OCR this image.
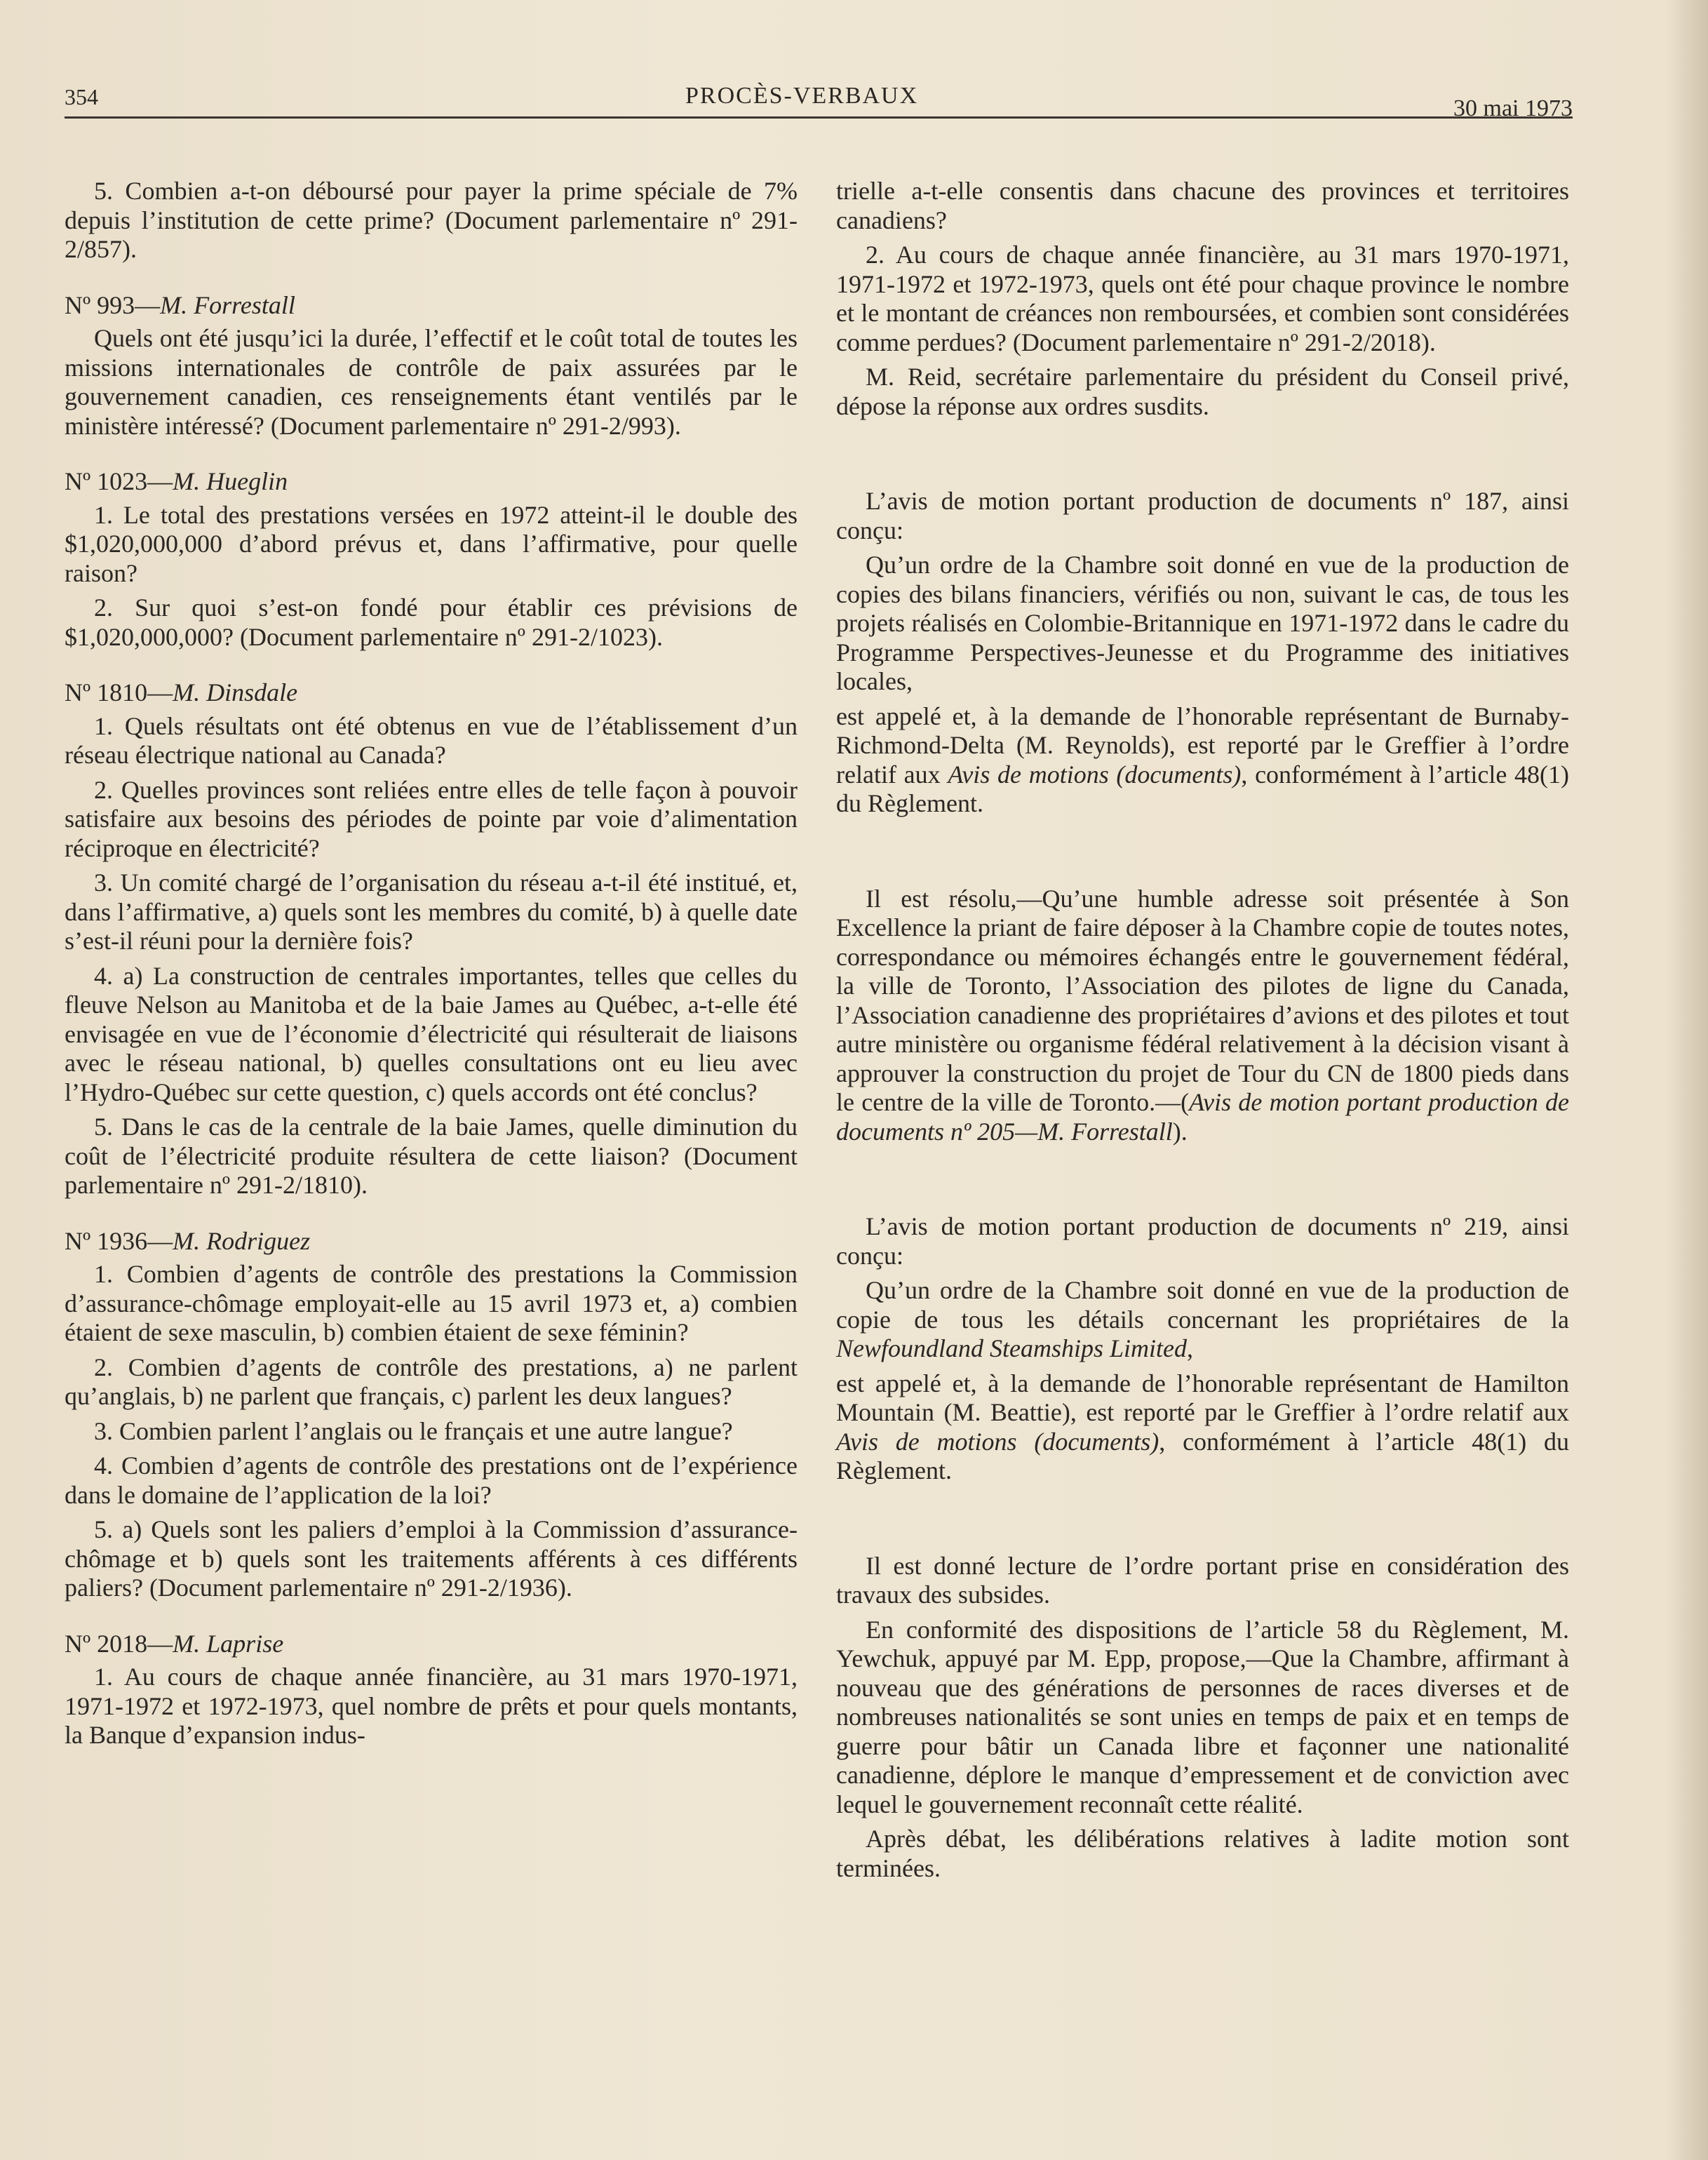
354	PROCÈS-VERBAUX	30 mai 1973

5. Combien a-t-on déboursé pour payer la prime spéciale de 7% depuis l’institution de cette prime? (Document parlementaire nº 291-2/857).

Nº 993—M. Forrestall

Quels ont été jusqu’ici la durée, l’effectif et le coût total de toutes les missions internationales de contrôle de paix assurées par le gouvernement canadien, ces renseignements étant ventilés par le ministère intéressé? (Document parlementaire nº 291-2/993).

Nº 1023—M. Hueglin

1. Le total des prestations versées en 1972 atteint-il le double des $1,020,000,000 d’abord prévus et, dans l’affirmative, pour quelle raison?

2. Sur quoi s’est-on fondé pour établir ces prévisions de $1,020,000,000? (Document parlementaire nº 291-2/1023).

Nº 1810—M. Dinsdale

1. Quels résultats ont été obtenus en vue de l’établissement d’un réseau électrique national au Canada?

2. Quelles provinces sont reliées entre elles de telle façon à pouvoir satisfaire aux besoins des périodes de pointe par voie d’alimentation réciproque en électricité?

3. Un comité chargé de l’organisation du réseau a-t-il été institué, et, dans l’affirmative, a) quels sont les membres du comité, b) à quelle date s’est-il réuni pour la dernière fois?

4. a) La construction de centrales importantes, telles que celles du fleuve Nelson au Manitoba et de la baie James au Québec, a-t-elle été envisagée en vue de l’économie d’électricité qui résulterait de liaisons avec le réseau national, b) quelles consultations ont eu lieu avec l’Hydro-Québec sur cette question, c) quels accords ont été conclus?

5. Dans le cas de la centrale de la baie James, quelle diminution du coût de l’électricité produite résultera de cette liaison? (Document parlementaire nº 291-2/1810).

Nº 1936—M. Rodriguez

1. Combien d’agents de contrôle des prestations la Commission d’assurance-chômage employait-elle au 15 avril 1973 et, a) combien étaient de sexe masculin, b) combien étaient de sexe féminin?

2. Combien d’agents de contrôle des prestations, a) ne parlent qu’anglais, b) ne parlent que français, c) parlent les deux langues?

3. Combien parlent l’anglais ou le français et une autre langue?

4. Combien d’agents de contrôle des prestations ont de l’expérience dans le domaine de l’application de la loi?

5. a) Quels sont les paliers d’emploi à la Commission d’assurance-chômage et b) quels sont les traitements afférents à ces différents paliers? (Document parlementaire nº 291-2/1936).

Nº 2018—M. Laprise

1. Au cours de chaque année financière, au 31 mars 1970-1971, 1971-1972 et 1972-1973, quel nombre de prêts et pour quels montants, la Banque d’expansion indus-

trielle a-t-elle consentis dans chacune des provinces et territoires canadiens?

2. Au cours de chaque année financière, au 31 mars 1970-1971, 1971-1972 et 1972-1973, quels ont été pour chaque province le nombre et le montant de créances non remboursées, et combien sont considérées comme perdues? (Document parlementaire nº 291-2/2018).

M. Reid, secrétaire parlementaire du président du Conseil privé, dépose la réponse aux ordres susdits.

L’avis de motion portant production de documents nº 187, ainsi conçu:

Qu’un ordre de la Chambre soit donné en vue de la production de copies des bilans financiers, vérifiés ou non, suivant le cas, de tous les projets réalisés en Colombie-Britannique en 1971-1972 dans le cadre du Programme Perspectives-Jeunesse et du Programme des initiatives locales,

est appelé et, à la demande de l’honorable représentant de Burnaby-Richmond-Delta (M. Reynolds), est reporté par le Greffier à l’ordre relatif aux Avis de motions (documents), conformément à l’article 48(1) du Règlement.

Il est résolu,—Qu’une humble adresse soit présentée à Son Excellence la priant de faire déposer à la Chambre copie de toutes notes, correspondance ou mémoires échangés entre le gouvernement fédéral, la ville de Toronto, l’Association des pilotes de ligne du Canada, l’Association canadienne des propriétaires d’avions et des pilotes et tout autre ministère ou organisme fédéral relativement à la décision visant à approuver la construction du projet de Tour du CN de 1800 pieds dans le centre de la ville de Toronto.—(Avis de motion portant production de documents nº 205—M. Forrestall).

L’avis de motion portant production de documents nº 219, ainsi conçu:

Qu’un ordre de la Chambre soit donné en vue de la production de copie de tous les détails concernant les propriétaires de la Newfoundland Steamships Limited,

est appelé et, à la demande de l’honorable représentant de Hamilton Mountain (M. Beattie), est reporté par le Greffier à l’ordre relatif aux Avis de motions (documents), conformément à l’article 48(1) du Règlement.

Il est donné lecture de l’ordre portant prise en considération des travaux des subsides.

En conformité des dispositions de l’article 58 du Règlement, M. Yewchuk, appuyé par M. Epp, propose,—Que la Chambre, affirmant à nouveau que des générations de personnes de races diverses et de nombreuses nationalités se sont unies en temps de paix et en temps de guerre pour bâtir un Canada libre et façonner une nationalité canadienne, déplore le manque d’empressement et de conviction avec lequel le gouvernement reconnaît cette réalité.

Après débat, les délibérations relatives à ladite motion sont terminées.
